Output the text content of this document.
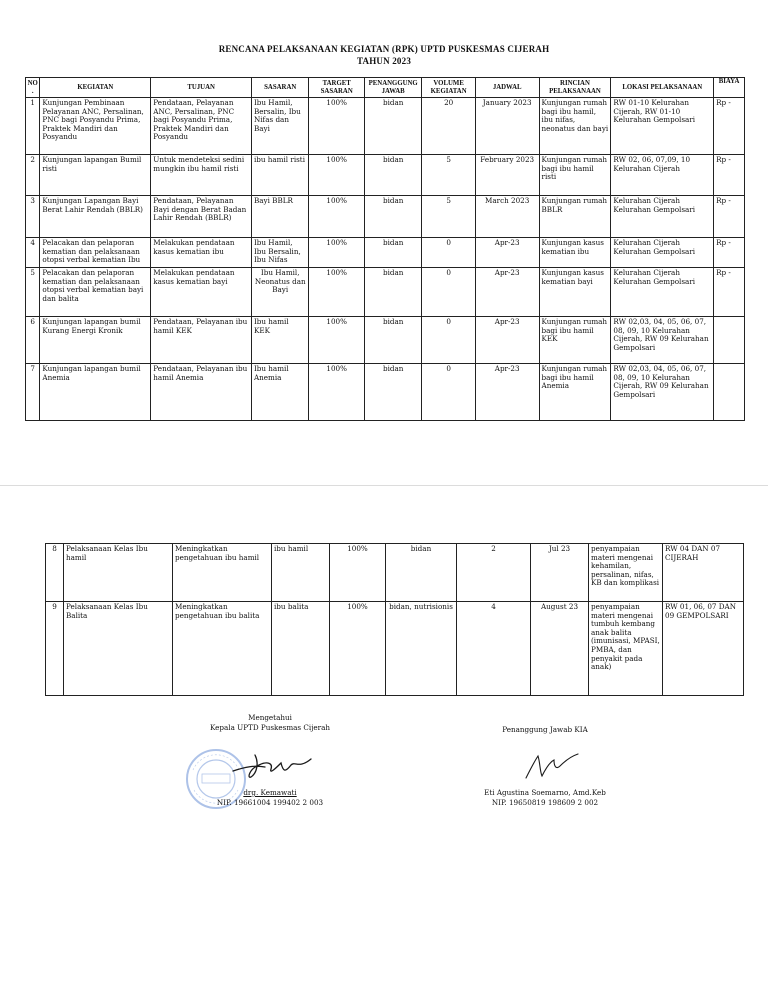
RENCANA PELAKSANAAN KEGIATAN (RPK) UPTD PUSKESMAS CIJERAH
TAHUN 2023
NO.	KEGIATAN	TUJUAN	SASARAN	TARGET SASARAN	PENANGGUNG JAWAB	VOLUME KEGIATAN	JADWAL	RINCIAN PELAKSANAAN	LOKASI PELAKSANAAN	BIAYA
1	Kunjungan Pembinaan Pelayanan ANC, Persalinan, PNC bagi Posyandu Prima, Praktek Mandiri dan Posyandu	Pendataan, Pelayanan ANC, Persalinan, PNC bagi Posyandu Prima, Praktek Mandiri dan Posyandu	Ibu Hamil, Bersalin, Ibu Nifas dan Bayi	100%	bidan	20	January 2023	Kunjungan rumah bagi ibu hamil, ibu nifas, neonatus dan bayi	RW 01-10 Kelurahan Cijerah, RW 01-10 Kelurahan Gempolsari	Rp -
2	Kunjungan lapangan Bumil risti	Untuk mendeteksi sedini mungkin ibu hamil risti	ibu hamil risti	100%	bidan	5	February 2023	Kunjungan rumah bagi ibu hamil risti	RW 02, 06, 07,09, 10 Kelurahan Cijerah	Rp -
3	Kunjungan Lapangan Bayi Berat Lahir Rendah (BBLR)	Pendataan, Pelayanan Bayi dengan Berat Badan Lahir Rendah (BBLR)	Bayi BBLR	100%	bidan	5	March 2023	Kunjungan rumah BBLR	Kelurahan Cijerah Kelurahan Gempolsari	Rp -
4	Pelacakan dan pelaporan kematian dan pelaksanaan otopsi verbal kematian Ibu	Melakukan pendataan kasus kematian ibu	Ibu Hamil, Ibu Bersalin, Ibu Nifas	100%	bidan	0	Apr-23	Kunjungan kasus kematian ibu	Kelurahan Cijerah Kelurahan Gempolsari	Rp -
5	Pelacakan dan pelaporan kematian dan pelaksanaan otopsi verbal kematian bayi dan balita	Melakukan pendataan kasus kematian bayi	Ibu Hamil, Neonatus dan Bayi	100%	bidan	0	Apr-23	Kunjungan kasus kematian bayi	Kelurahan Cijerah Kelurahan Gempolsari	Rp -
6	Kunjungan lapangan bumil Kurang Energi Kronik	Pendataan, Pelayanan ibu hamil KEK	Ibu hamil KEK	100%	bidan	0	Apr-23	Kunjungan rumah bagi ibu hamil KEK	RW 02,03, 04, 05, 06, 07, 08, 09, 10 Kelurahan Cijerah, RW 09 Kelurahan Gempolsari	
7	Kunjungan lapangan bumil Anemia	Pendataan, Pelayanan ibu hamil Anemia	Ibu hamil Anemia	100%	bidan	0	Apr-23	Kunjungan rumah bagi ibu hamil Anemia	RW 02,03, 04, 05, 06, 07, 08, 09, 10 Kelurahan Cijerah, RW 09 Kelurahan Gempolsari	
8	Pelaksanaan Kelas Ibu hamil	Meningkatkan pengetahuan ibu hamil	ibu hamil	100%	bidan	2	Jul 23	penyampaian materi mengenai kehamilan, persalinan, nifas, KB dan komplikasi	RW 04 DAN 07 CIJERAH
9	Pelaksanaan Kelas Ibu Balita	Meningkatkan pengetahuan ibu balita	ibu balita	100%	bidan, nutrisionis	4	August 23	penyampaian materi mengenai tumbuh kembang anak balita (imunisasi, MPASI, PMBA, dan penyakit pada anak)	RW 01, 06, 07 DAN 09 GEMPOLSARI
Mengetahui
Kepala UPTD Puskesmas Cijerah
drg. Kemawati
NIP. 19661004 199402 2 003
Penanggung Jawab KIA
Eti Agustina Soemarno, Amd.Keb
NIP. 19650819 198609 2 002
